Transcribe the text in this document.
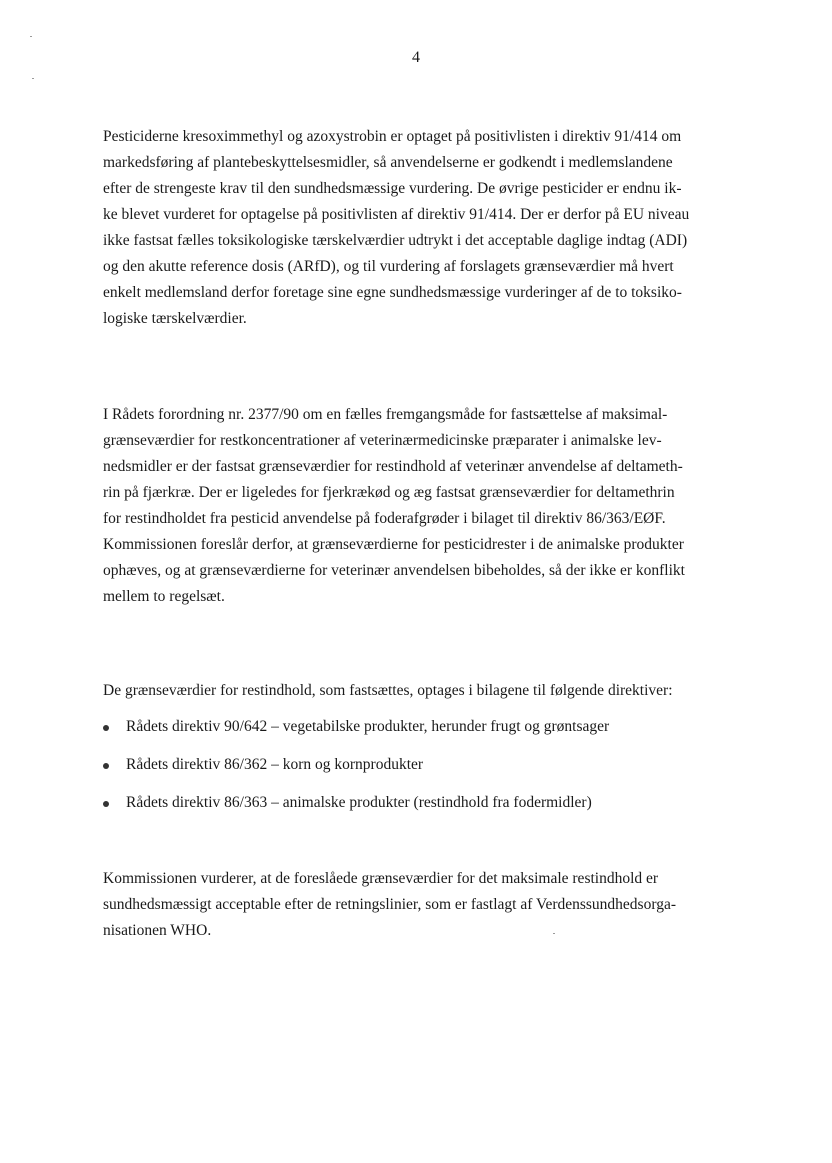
4

Pesticiderne kresoximmethyl og azoxystrobin er optaget på positivlisten i direktiv 91/414 om
markedsføring af plantebeskyttelsesmidler, så anvendelserne er godkendt i medlemslandene
efter de strengeste krav til den sundhedsmæssige vurdering. De øvrige pesticider er endnu ik-
ke blevet vurderet for optagelse på positivlisten af direktiv 91/414. Der er derfor på EU niveau
ikke fastsat fælles toksikologiske tærskelværdier udtrykt i det acceptable daglige indtag (ADI)
og den akutte reference dosis (ARfD), og til vurdering af forslagets grænseværdier må hvert
enkelt medlemsland derfor foretage sine egne sundhedsmæssige vurderinger af de to toksiko-
logiske tærskelværdier.

I Rådets forordning nr. 2377/90 om en fælles fremgangsmåde for fastsættelse af maksimal-
grænseværdier for restkoncentrationer af veterinærmedicinske præparater i animalske lev-
nedsmidler er der fastsat grænseværdier for restindhold af veterinær anvendelse af deltameth-
rin på fjærkræ. Der er ligeledes for fjerkrækød og æg fastsat grænseværdier for deltamethrin
for restindholdet fra pesticid anvendelse på foderafgrøder i bilaget til direktiv 86/363/EØF.
Kommissionen foreslår derfor, at grænseværdierne for pesticidrester i de animalske produkter
ophæves, og at grænseværdierne for veterinær anvendelsen bibeholdes, så der ikke er konflikt
mellem to regelsæt.

De grænseværdier for restindhold, som fastsættes, optages i bilagene til følgende direktiver:

Rådets direktiv 90/642 – vegetabilske produkter, herunder frugt og grøntsager
Rådets direktiv 86/362 – korn og kornprodukter
Rådets direktiv 86/363 – animalske produkter (restindhold fra fodermidler)

Kommissionen vurderer, at de foreslåede grænseværdier for det maksimale restindhold er
sundhedsmæssigt acceptable efter de retningslinier, som er fastlagt af Verdenssundhedsorga-
nisationen WHO.
